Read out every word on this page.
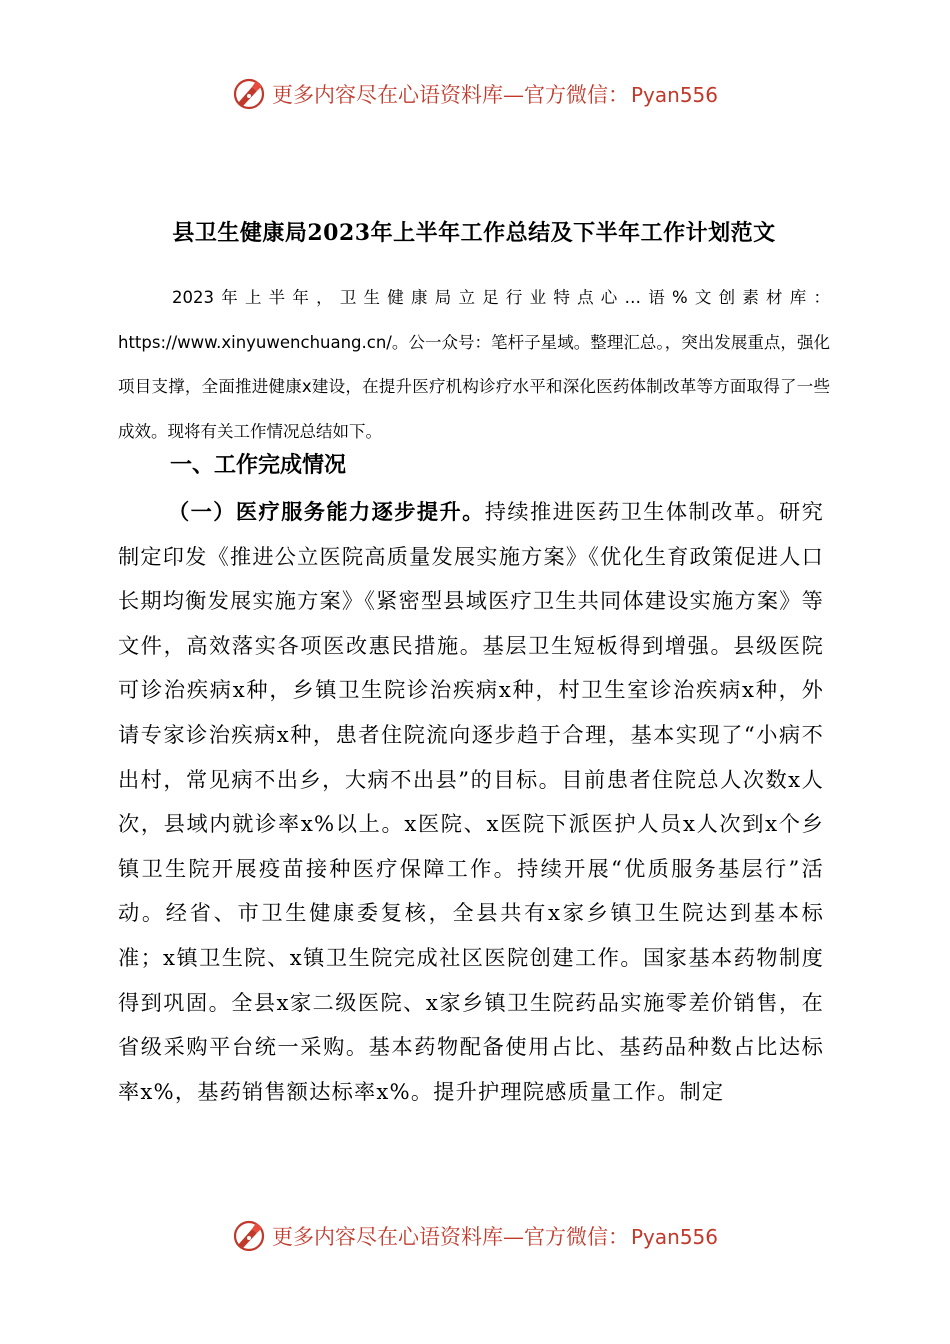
更多内容尽在心语资料库—官方微信： Pyan556
县卫生健康局2023年上半年工作总结及下半年工作计划范文
2023年上半年，卫生健康局立足行业特点心…语%文创素材库：https://www.xinyuwenchuang.cn/。公一众号：笔杆子星域。整理汇总。，突出发展重点，强化项目支撑，全面推进健康x建设，在提升医疗机构诊疗水平和深化医药体制改革等方面取得了一些成效。现将有关工作情况总结如下。
一、工作完成情况
（一）医疗服务能力逐步提升。持续推进医药卫生体制改革。研究制定印发《推进公立医院高质量发展实施方案》《优化生育政策促进人口长期均衡发展实施方案》《紧密型县域医疗卫生共同体建设实施方案》等文件，高效落实各项医改惠民措施。基层卫生短板得到增强。县级医院可诊治疾病x种，乡镇卫生院诊治疾病x种，村卫生室诊治疾病x种，外请专家诊治疾病x种，患者住院流向逐步趋于合理，基本实现了“小病不出村，常见病不出乡，大病不出县”的目标。目前患者住院总人次数x人次，县域内就诊率x%以上。x医院、x医院下派医护人员x人次到x个乡镇卫生院开展疫苗接种医疗保障工作。持续开展“优质服务基层行”活动。经省、市卫生健康委复核，全县共有x家乡镇卫生院达到基本标准；x镇卫生院、x镇卫生院完成社区医院创建工作。国家基本药物制度得到巩固。全县x家二级医院、x家乡镇卫生院药品实施零差价销售，在省级采购平台统一采购。基本药物配备使用占比、基药品种数占比达标率x%，基药销售额达标率x%。提升护理院感质量工作。制定
更多内容尽在心语资料库—官方微信： Pyan556
